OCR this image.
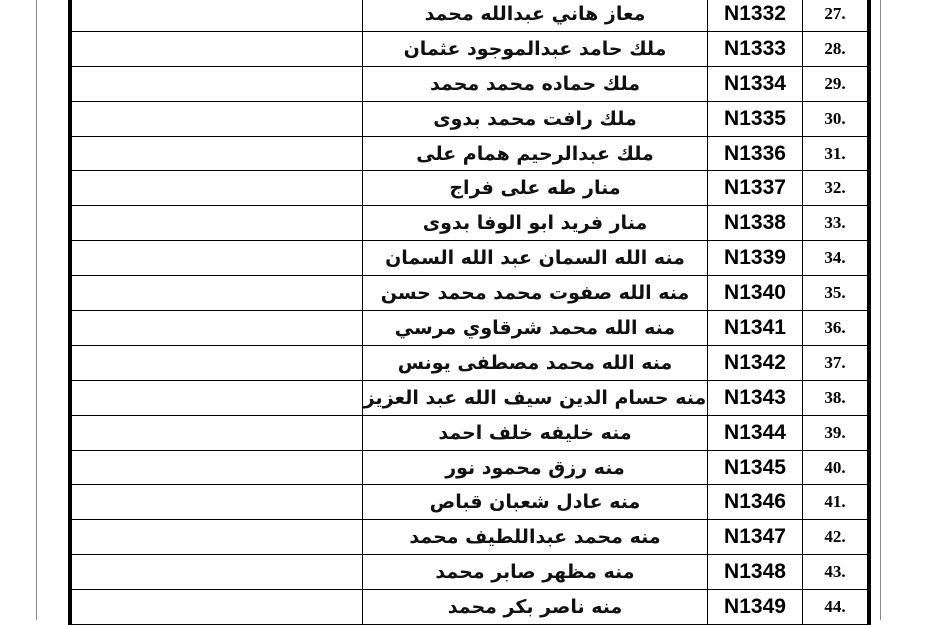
	معاز هاني عبدالله محمد	N1332	.27
	ملك حامد عبدالموجود عثمان	N1333	.28
	ملك حماده محمد محمد	N1334	.29
	ملك رافت محمد بدوى	N1335	.30
	ملك عبدالرحيم همام على	N1336	.31
	منار طه على فراج	N1337	.32
	منار فريد ابو الوفا بدوى	N1338	.33
	منه الله السمان عبد الله السمان	N1339	.34
	منه الله صفوت محمد محمد حسن	N1340	.35
	منه الله محمد شرقاوي مرسي	N1341	.36
	منه الله محمد مصطفى يونس	N1342	.37
	منه حسام الدين سيف الله عبد العزيز	N1343	.38
	منه خليفه خلف احمد	N1344	.39
	منه رزق محمود نور	N1345	.40
	منه عادل شعبان قباص	N1346	.41
	منه محمد عبداللطيف محمد	N1347	.42
	منه مظهر صابر محمد	N1348	.43
	منه ناصر بكر محمد	N1349	.44
